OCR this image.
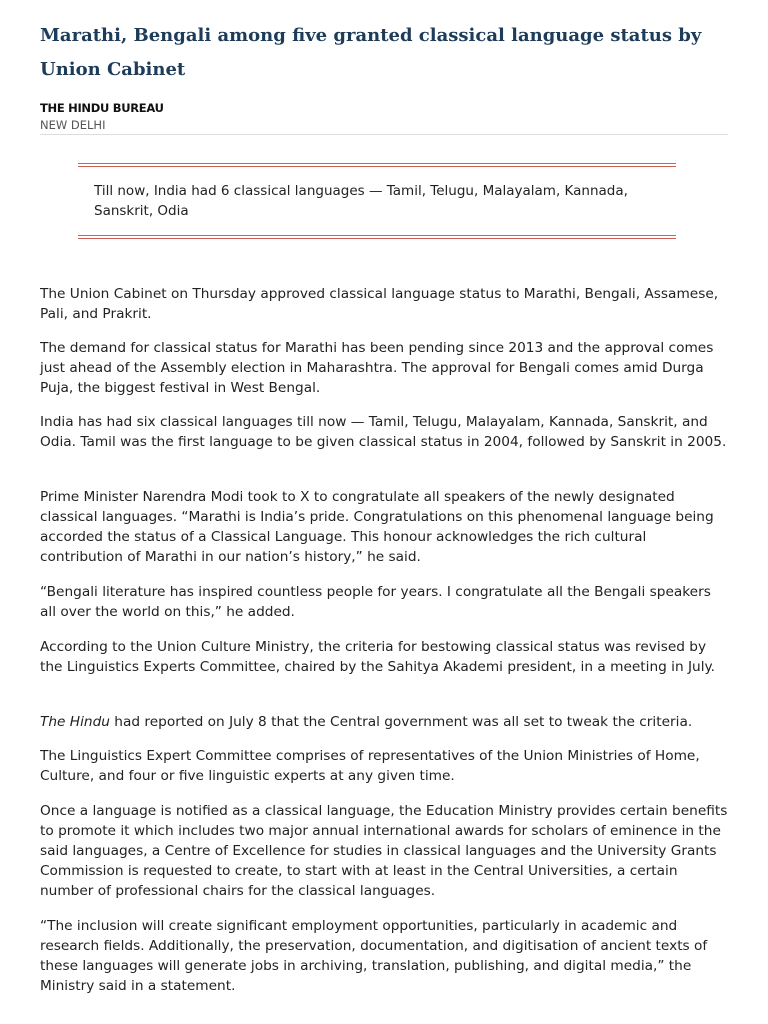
Marathi, Bengali among five granted classical language status by Union Cabinet
THE HINDU BUREAU
NEW DELHI

Till now, India had 6 classical languages — Tamil, Telugu, Malayalam, Kannada, Sanskrit, Odia

The Union Cabinet on Thursday approved classical language status to Marathi, Bengali, Assamese, Pali, and Prakrit.

The demand for classical status for Marathi has been pending since 2013 and the approval comes just ahead of the Assembly election in Maharashtra. The approval for Bengali comes amid Durga Puja, the biggest festival in West Bengal.

India has had six classical languages till now — Tamil, Telugu, Malayalam, Kannada, Sanskrit, and Odia. Tamil was the first language to be given classical status in 2004, followed by Sanskrit in 2005.

Prime Minister Narendra Modi took to X to congratulate all speakers of the newly designated classical languages. “Marathi is India’s pride. Congratulations on this phenomenal language being accorded the status of a Classical Language. This honour acknowledges the rich cultural contribution of Marathi in our nation’s history,” he said.

“Bengali literature has inspired countless people for years. I congratulate all the Bengali speakers all over the world on this,” he added.

According to the Union Culture Ministry, the criteria for bestowing classical status was revised by the Linguistics Experts Committee, chaired by the Sahitya Akademi president, in a meeting in July.

The Hindu had reported on July 8 that the Central government was all set to tweak the criteria.

The Linguistics Expert Committee comprises of representatives of the Union Ministries of Home, Culture, and four or five linguistic experts at any given time.

Once a language is notified as a classical language, the Education Ministry provides certain benefits to promote it which includes two major annual international awards for scholars of eminence in the said languages, a Centre of Excellence for studies in classical languages and the University Grants Commission is requested to create, to start with at least in the Central Universities, a certain number of professional chairs for the classical languages.

“The inclusion will create significant employment opportunities, particularly in academic and research fields. Additionally, the preservation, documentation, and digitisation of ancient texts of these languages will generate jobs in archiving, translation, publishing, and digital media,” the Ministry said in a statement.
